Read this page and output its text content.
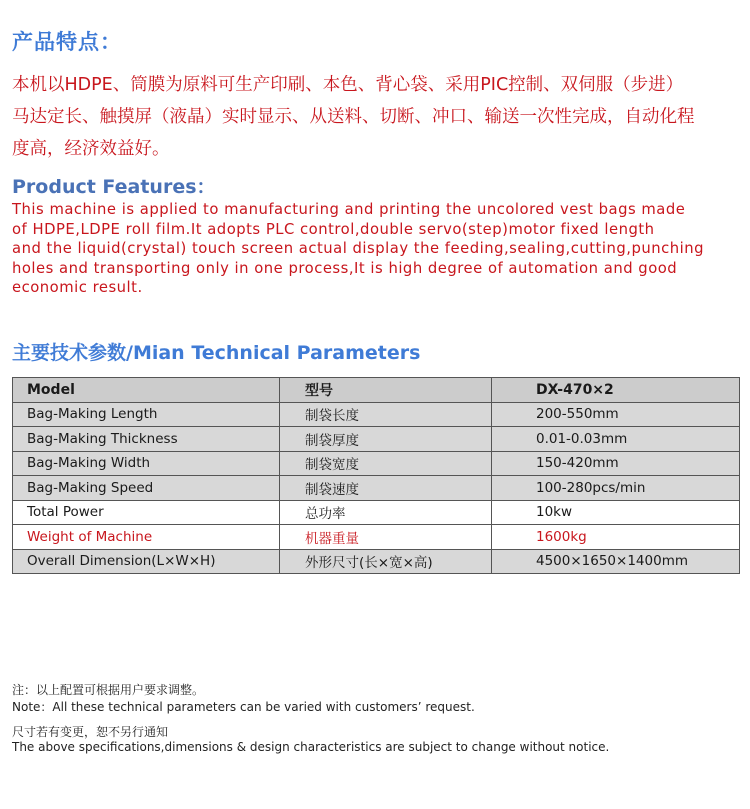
产品特点：
本机以HDPE、筒膜为原料可生产印刷、本色、背心袋、采用PIC控制、双伺服（步进）
马达定长、触摸屏（液晶）实时显示、从送料、切断、冲口、输送一次性完成，自动化程
度高，经济效益好。
Product Features：
This machine is applied to manufacturing and printing the uncolored vest bags made
of HDPE,LDPE roll film.It adopts PLC control,double servo(step)motor fixed length
and the liquid(crystal) touch screen actual display the feeding,sealing,cutting,punching
holes and transporting only in one process,It is high degree of automation and good
economic result.
主要技术参数/Mian Technical Parameters
Model	型号	DX-470×2
Bag-Making Length	制袋长度	200-550mm
Bag-Making Thickness	制袋厚度	0.01-0.03mm
Bag-Making Width	制袋宽度	150-420mm
Bag-Making Speed	制袋速度	100-280pcs/min
Total Power	总功率	10kw
Weight of Machine	机器重量	1600kg
Overall Dimension(L×W×H)	外形尺寸(长×宽×高)	4500×1650×1400mm
注：以上配置可根据用户要求调整。
Note：All these technical parameters can be varied with customers’ request.
尺寸若有变更，恕不另行通知
The above specifications,dimensions & design characteristics are subject to change without notice.
